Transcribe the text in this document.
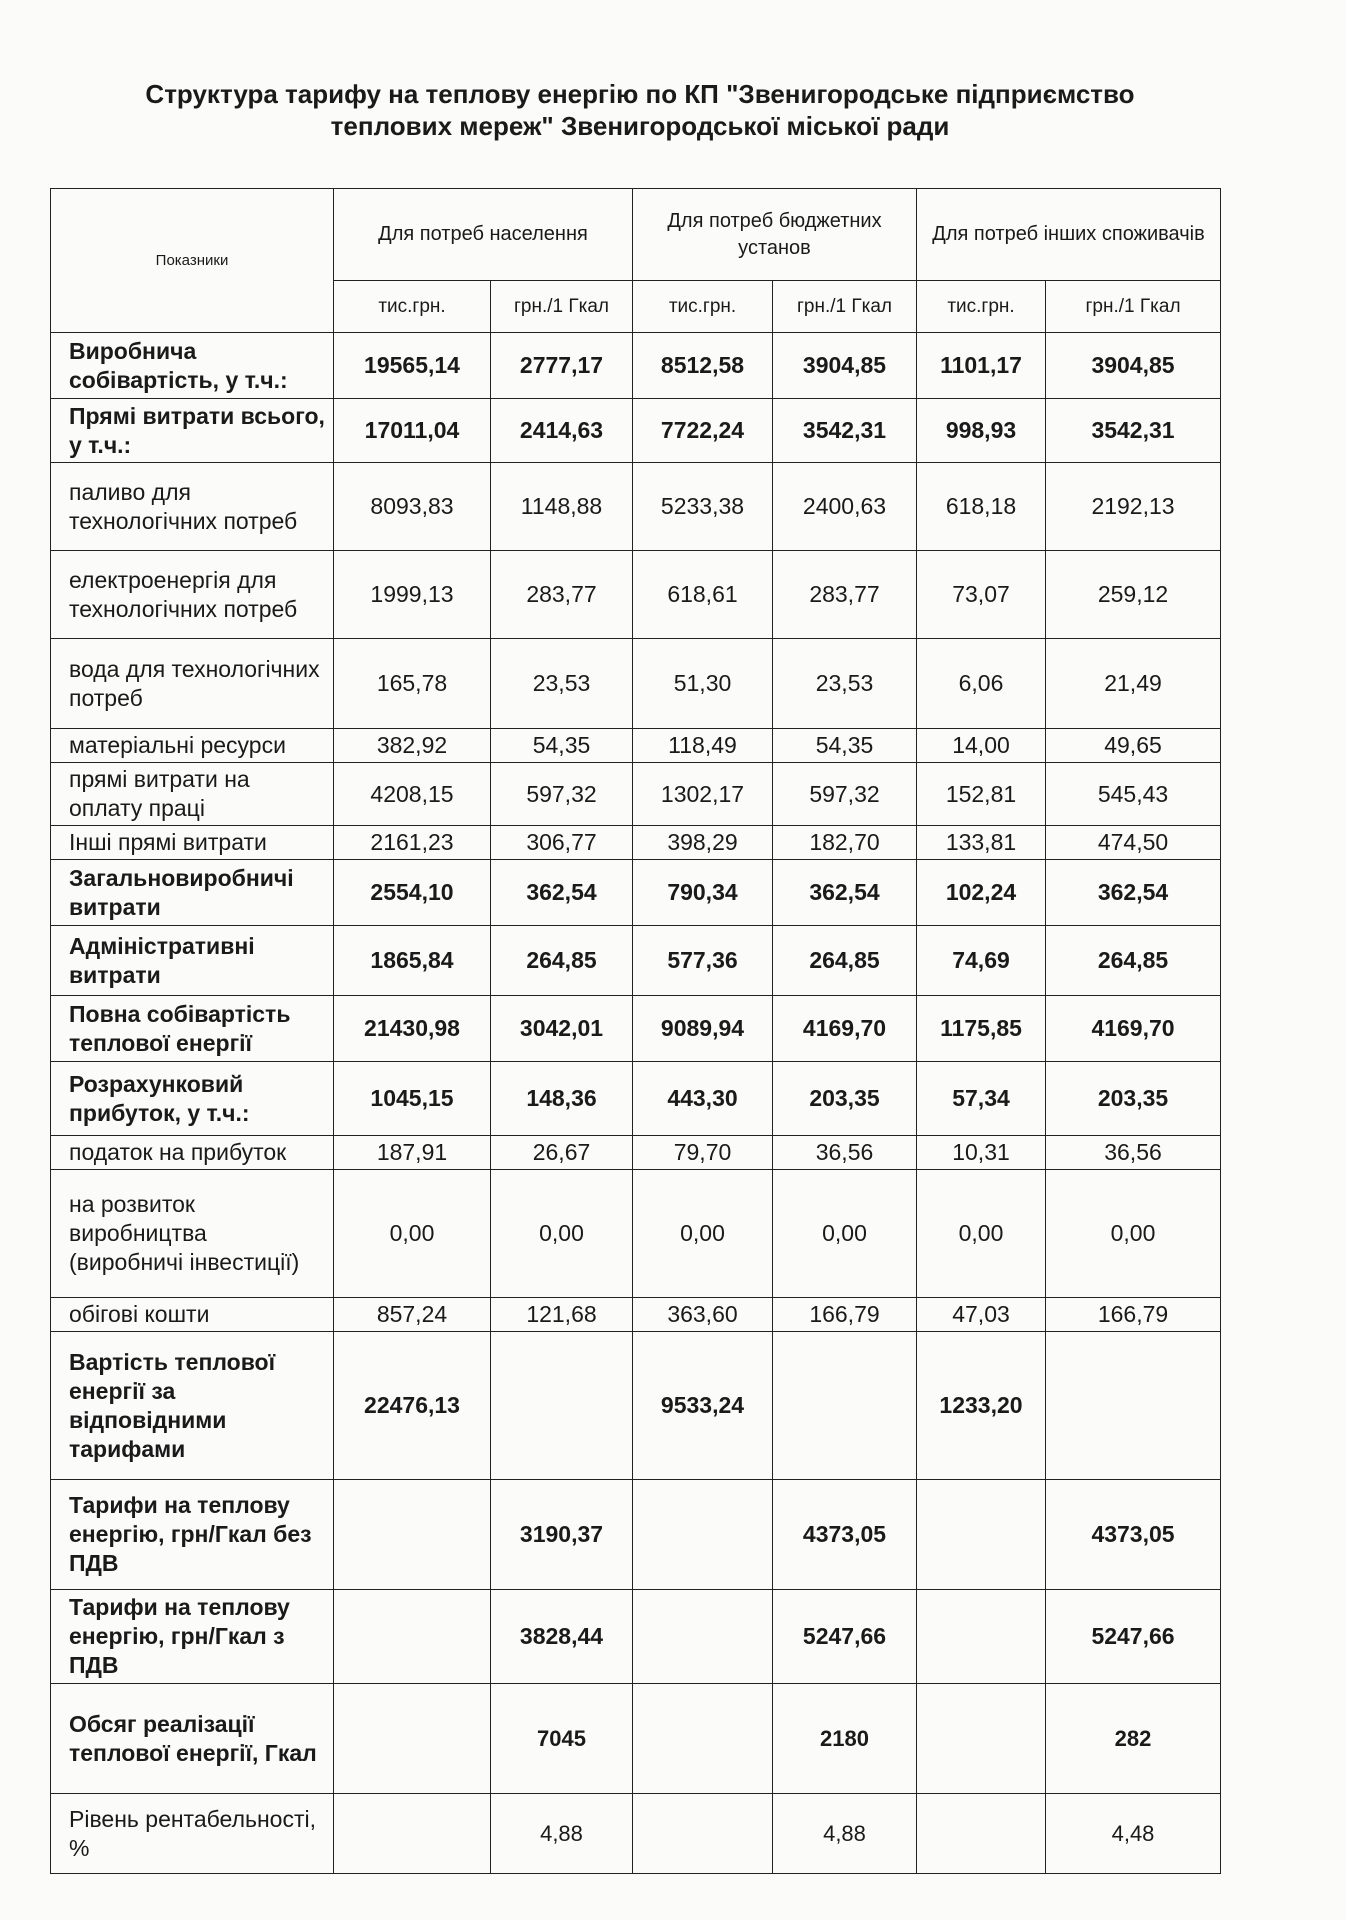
Структура тарифу на теплову енергію по КП "Звенигородське підприємство
теплових мереж" Звенигородської міської ради
Показники	Для потреб населення		Для потреб бюджетних установ		Для потреб інших споживачів	
	тис.грн.	грн./1 Гкал	тис.грн.	грн./1 Гкал	тис.грн.	грн./1 Гкал
Виробнича собівартість, у т.ч.:	19565,14	2777,17	8512,58	3904,85	1101,17	3904,85
Прямі витрати всього, у т.ч.:	17011,04	2414,63	7722,24	3542,31	998,93	3542,31
паливо для технологічних потреб	8093,83	1148,88	5233,38	2400,63	618,18	2192,13
електроенергія для технологічних потреб	1999,13	283,77	618,61	283,77	73,07	259,12
вода для технологічних потреб	165,78	23,53	51,30	23,53	6,06	21,49
матеріальні ресурси	382,92	54,35	118,49	54,35	14,00	49,65
прямі витрати на оплату праці	4208,15	597,32	1302,17	597,32	152,81	545,43
Інші прямі витрати	2161,23	306,77	398,29	182,70	133,81	474,50
Загальновиробничі витрати	2554,10	362,54	790,34	362,54	102,24	362,54
Адміністративні витрати	1865,84	264,85	577,36	264,85	74,69	264,85
Повна собівартість теплової енергії	21430,98	3042,01	9089,94	4169,70	1175,85	4169,70
Розрахунковий прибуток, у т.ч.:	1045,15	148,36	443,30	203,35	57,34	203,35
податок на прибуток	187,91	26,67	79,70	36,56	10,31	36,56
на розвиток виробництва (виробничі інвестиції)	0,00	0,00	0,00	0,00	0,00	0,00
обігові кошти	857,24	121,68	363,60	166,79	47,03	166,79
Вартість теплової енергії за відповідними тарифами	22476,13		9533,24		1233,20	
Тарифи на теплову енергію, грн/Гкал без ПДВ		3190,37		4373,05		4373,05
Тарифи на теплову енергію, грн/Гкал з ПДВ		3828,44		5247,66		5247,66
Обсяг реалізації теплової енергії, Гкал		7045		2180		282
Рівень рентабельності, %		4,88		4,88		4,48
